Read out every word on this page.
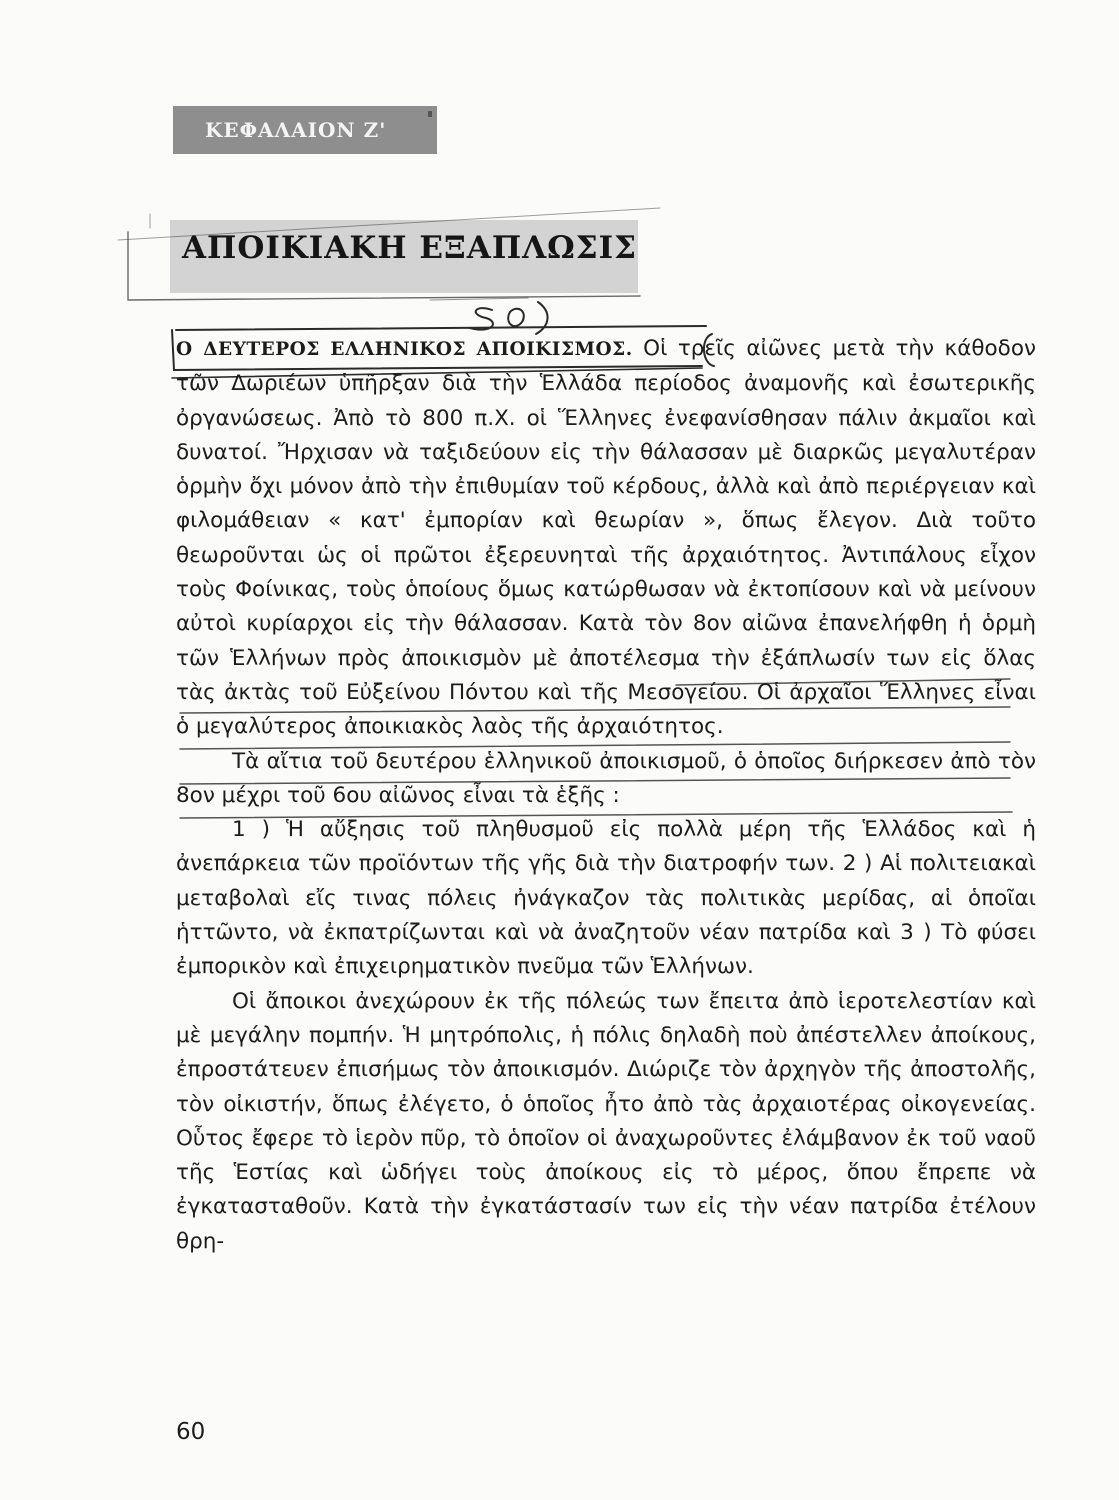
ΚΕΦΑΛΑΙΟΝ Ζ'
ΑΠΟΙΚΙΑΚΗ ΕΞΑΠΛΩΣΙΣ

Ο ΔΕΥΤΕΡΟΣ ΕΛΛΗΝΙΚΟΣ ΑΠΟΙΚΙΣΜΟΣ. Οἱ τρεῖς αἰῶνες μετὰ τὴν κάθοδον τῶν Δωριέων ὑπῆρξαν διὰ τὴν Ἑλλάδα περίοδος ἀναμονῆς καὶ ἐσωτερικῆς ὀργανώσεως. Ἀπὸ τὸ 800 π.Χ. οἱ Ἕλληνες ἐνεφανίσθησαν πάλιν ἀκμαῖοι καὶ δυνατοί. Ἤρχισαν νὰ ταξιδεύουν εἰς τὴν θάλασσαν μὲ διαρκῶς μεγαλυτέραν ὁρμὴν ὄχι μόνον ἀπὸ τὴν ἐπιθυμίαν τοῦ κέρδους, ἀλλὰ καὶ ἀπὸ περιέργειαν καὶ φιλομάθειαν « κατ' ἐμπορίαν καὶ θεωρίαν », ὅπως ἔλεγον. Διὰ τοῦτο θεωροῦνται ὡς οἱ πρῶτοι ἐξερευνηταὶ τῆς ἀρχαιότητος. Ἀντιπάλους εἶχον τοὺς Φοίνικας, τοὺς ὁποίους ὅμως κατώρθωσαν νὰ ἐκτοπίσουν καὶ νὰ μείνουν αὐτοὶ κυρίαρχοι εἰς τὴν θάλασσαν. Κατὰ τὸν 8ον αἰῶνα ἐπανελήφθη ἡ ὁρμὴ τῶν Ἑλλήνων πρὸς ἀποικισμὸν μὲ ἀποτέλεσμα τὴν ἐξάπλωσίν των εἰς ὅλας τὰς ἀκτὰς τοῦ Εὐξείνου Πόντου καὶ τῆς Μεσογείου. Οἱ ἀρχαῖοι Ἕλληνες εἶναι ὁ μεγαλύτερος ἀποικιακὸς λαὸς τῆς ἀρχαιότητος.

Τὰ αἴτια τοῦ δευτέρου ἑλληνικοῦ ἀποικισμοῦ, ὁ ὁποῖος διήρκεσεν ἀπὸ τὸν 8ον μέχρι τοῦ 6ου αἰῶνος εἶναι τὰ ἑξῆς :

1 ) Ἡ αὔξησις τοῦ πληθυσμοῦ εἰς πολλὰ μέρη τῆς Ἑλλάδος καὶ ἡ ἀνεπάρκεια τῶν προϊόντων τῆς γῆς διὰ τὴν διατροφήν των. 2 ) Αἱ πολιτειακαὶ μεταβολαὶ εἴς τινας πόλεις ἠνάγκαζον τὰς πολιτικὰς μερίδας, αἱ ὁποῖαι ἡττῶντο, νὰ ἐκπατρίζωνται καὶ νὰ ἀναζητοῦν νέαν πατρίδα καὶ 3 ) Τὸ φύσει ἐμπορικὸν καὶ ἐπιχειρηματικὸν πνεῦμα τῶν Ἑλλήνων.

Οἱ ἄποικοι ἀνεχώρουν ἐκ τῆς πόλεώς των ἔπειτα ἀπὸ ἱεροτελεστίαν καὶ μὲ μεγάλην πομπήν. Ἡ μητρόπολις, ἡ πόλις δηλαδὴ ποὺ ἀπέστελλεν ἀποίκους, ἐπροστάτευεν ἐπισήμως τὸν ἀποικισμόν. Διώριζε τὸν ἀρχηγὸν τῆς ἀποστολῆς, τὸν οἰκιστήν, ὅπως ἐλέγετο, ὁ ὁποῖος ἦτο ἀπὸ τὰς ἀρχαιοτέρας οἰκογενείας. Οὗτος ἔφερε τὸ ἱερὸν πῦρ, τὸ ὁποῖον οἱ ἀναχωροῦντες ἐλάμβανον ἐκ τοῦ ναοῦ τῆς Ἑστίας καὶ ὡδήγει τοὺς ἀποίκους εἰς τὸ μέρος, ὅπου ἔπρεπε νὰ ἐγκατασταθοῦν. Κατὰ τὴν ἐγκατάστασίν των εἰς τὴν νέαν πατρίδα ἐτέλουν θρη-

60
